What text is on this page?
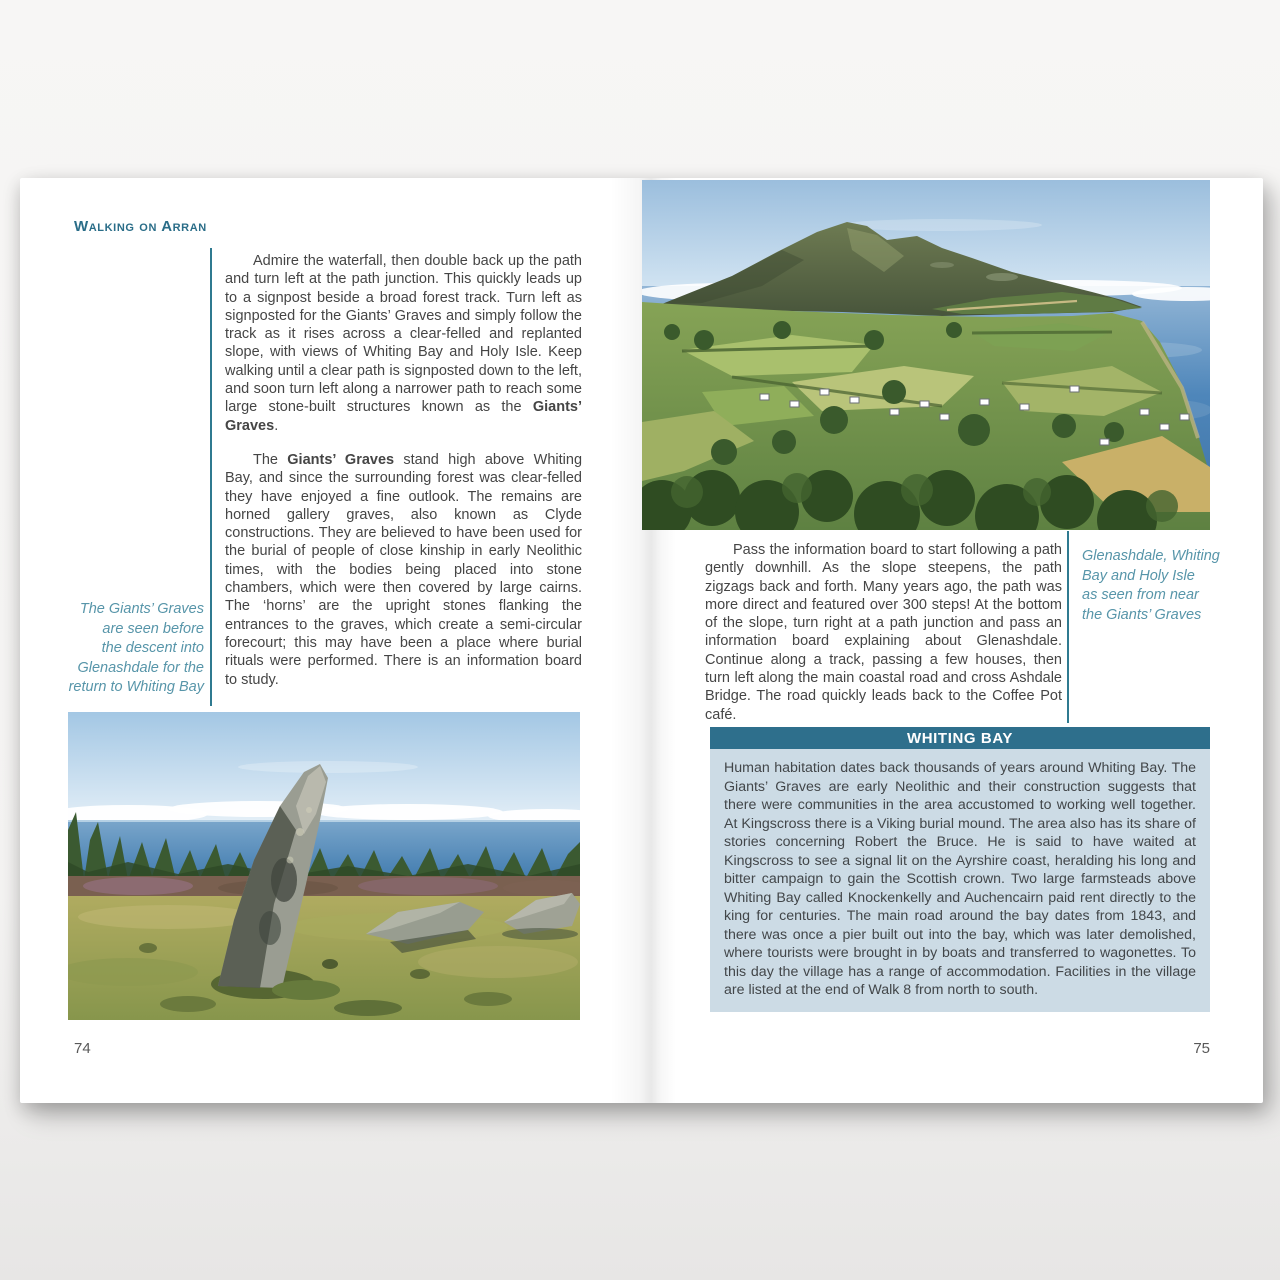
Walking on Arran

Admire the waterfall, then double back up the path and turn left at the path junction. This quickly leads up to a signpost beside a broad forest track. Turn left as signposted for the Giants’ Graves and simply follow the track as it rises across a clear-felled and replanted slope, with views of Whiting Bay and Holy Isle. Keep walking until a clear path is signposted down to the left, and soon turn left along a narrower path to reach some large stone-built structures known as the Giants’ Graves.

The Giants’ Graves stand high above Whiting Bay, and since the surrounding forest was clear-felled they have enjoyed a fine outlook. The remains are horned gallery graves, also known as Clyde constructions. They are believed to have been used for the burial of people of close kinship in early Neolithic times, with the bodies being placed into stone chambers, which were then covered by large cairns. The ‘horns’ are the upright stones flanking the entrances to the graves, which create a semi-circular forecourt; this may have been a place where burial rituals were performed. There is an information board to study.

The Giants’ Graves
are seen before
the descent into
Glenashdale for the
return to Whiting Bay
74

Pass the information board to start following a path gently downhill. As the slope steepens, the path zigzags back and forth. Many years ago, the path was more direct and featured over 300 steps! At the bottom of the slope, turn right at a path junction and pass an information board explaining about Glenashdale. Continue along a track, passing a few houses, then turn left along the main coastal road and cross Ashdale Bridge. The road quickly leads back to the Coffee Pot café.

Glenashdale, Whiting
Bay and Holy Isle
as seen from near
the Giants’ Graves
WHITING BAY
Human habitation dates back thousands of years around Whiting Bay. The Giants’ Graves are early Neolithic and their construction suggests that there were communities in the area accustomed to working well together. At Kingscross there is a Viking burial mound. The area also has its share of stories concerning Robert the Bruce. He is said to have waited at Kingscross to see a signal lit on the Ayrshire coast, heralding his long and bitter campaign to gain the Scottish crown. Two large farmsteads above Whiting Bay called Knockenkelly and Auchencairn paid rent directly to the king for centuries. The main road around the bay dates from 1843, and there was once a pier built out into the bay, which was later demolished, where tourists were brought in by boats and transferred to wagonettes. To this day the village has a range of accommodation. Facilities in the village are listed at the end of Walk 8 from north to south.
75
